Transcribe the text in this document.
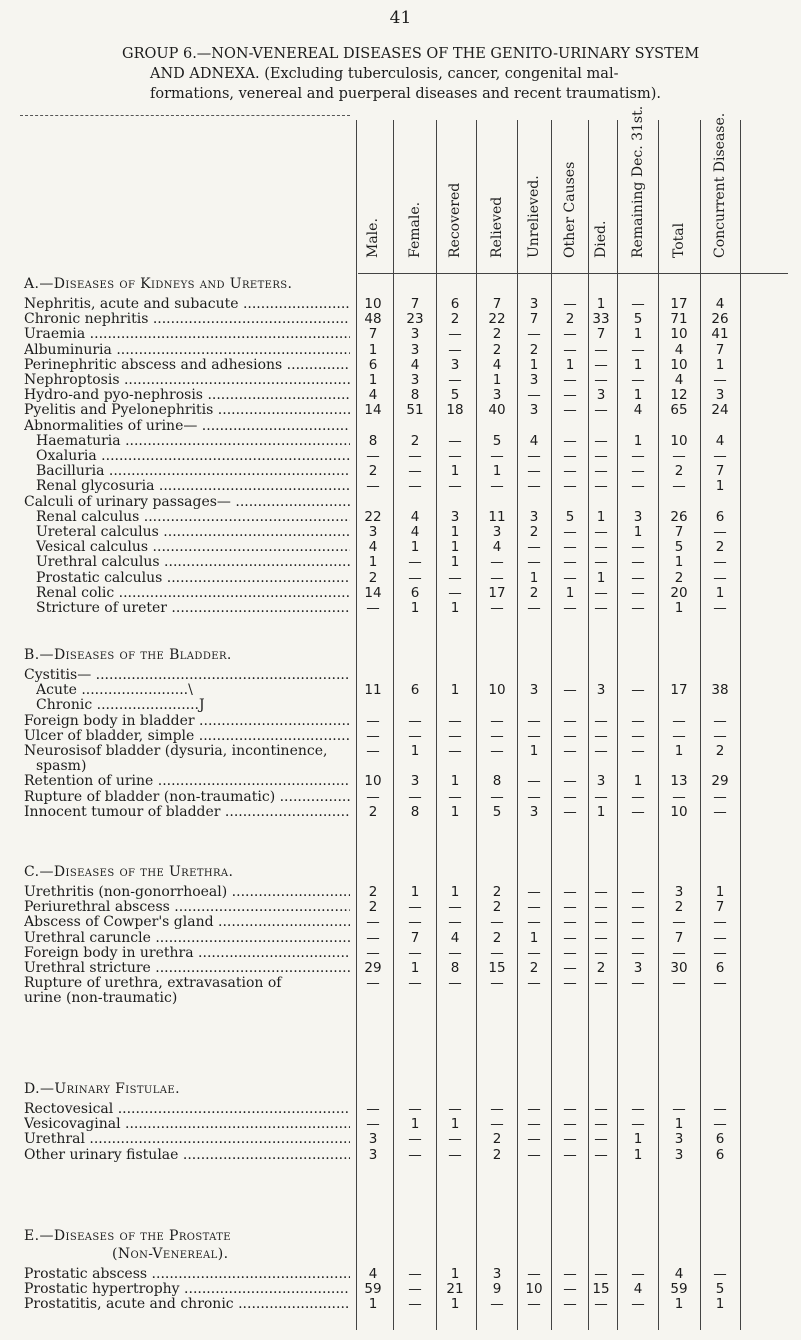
41
GROUP 6.—NON-VENEREAL DISEASES OF THE GENITO-URINARY SYSTEM
AND ADNEXA. (Excluding tuberculosis, cancer, congenital mal-
formations, venereal and puerperal diseases and recent traumatism).
Male. Female. Recovered Relieved Unrelieved. Other Causes Died. Remaining Dec. 31st. Total Concurrent Disease.
A.—Diseases of Kidneys and Ureters.
Nephritis, acute and subacute .....	10	7	6	7	3	—	1	—	17	4
Chronic nephritis .....	48	23	2	22	7	2	33	5	71	26
Uraemia .....	7	3	—	2	—	—	7	1	10	41
Albuminuria .....	1	3	—	2	2	—	—	—	4	7
Perinephritic abscess and adhesions .....	6	4	3	4	1	1	—	1	10	1
Nephroptosis .....	1	3	—	1	3	—	—	—	4	—
Hydro-and pyo-nephrosis .....	4	8	5	3	—	—	3	1	12	3
Pyelitis and Pyelonephritis .....	14	51	18	40	3	—	—	4	65	24
Abnormalities of urine— .....
Haematuria .....	8	2	—	5	4	—	—	1	10	4
Oxaluria .....	—	—	—	—	—	—	—	—	—	—
Bacilluria .....	2	—	1	1	—	—	—	—	2	7
Renal glycosuria .....	—	—	—	—	—	—	—	—	—	1
Calculi of urinary passages— .....
Renal calculus .....	22	4	3	11	3	5	1	3	26	6
Ureteral calculus .....	3	4	1	3	2	—	—	1	7	—
Vesical calculus .....	4	1	1	4	—	—	—	—	5	2
Urethral calculus .....	1	—	1	—	—	—	—	—	1	—
Prostatic calculus .....	2	—	—	—	1	—	1	—	2	—
Renal colic .....	14	6	—	17	2	1	—	—	20	1
Stricture of ureter .....	—	1	1	—	—	—	—	—	1	—
B.—Diseases of the Bladder.
Cystitis— .....
Acute ........................\	11	6	1	10	3	—	3	—	17	38
Chronic .......................J
Foreign body in bladder .....	—	—	—	—	—	—	—	—	—	—
Ulcer of bladder, simple .....	—	—	—	—	—	—	—	—	—	—
Neurosisof bladder (dysuria, incontinence,	—	1	—	—	1	—	—	—	1	2
spasm)
Retention of urine .....	10	3	1	8	—	—	3	1	13	29
Rupture of bladder (non-traumatic) .....	—	—	—	—	—	—	—	—	—	—
Innocent tumour of bladder .....	2	8	1	5	3	—	1	—	10	—
C.—Diseases of the Urethra.
Urethritis (non-gonorrhoeal) .....	2	1	1	2	—	—	—	—	3	1
Periurethral abscess .....	2	—	—	2	—	—	—	—	2	7
Abscess of Cowper's gland .....	—	—	—	—	—	—	—	—	—	—
Urethral caruncle .....	—	7	4	2	1	—	—	—	7	—
Foreign body in urethra .....	—	—	—	—	—	—	—	—	—	—
Urethral stricture .....	29	1	8	15	2	—	2	3	30	6
Rupture of urethra, extravasation of	—	—	—	—	—	—	—	—	—	—
urine (non-traumatic)
D.—Urinary Fistulae.
Rectovesical .....	—	—	—	—	—	—	—	—	—	—
Vesicovaginal .....	—	1	1	—	—	—	—	—	1	—
Urethral .....	3	—	—	2	—	—	—	1	3	6
Other urinary fistulae .....	3	—	—	2	—	—	—	1	3	6
E.—Diseases of the Prostate
(Non-Venereal).
Prostatic abscess .....	4	—	1	3	—	—	—	—	4	—
Prostatic hypertrophy .....	59	—	21	9	10	—	15	4	59	5
Prostatitis, acute and chronic .....	1	—	1	—	—	—	—	—	1	1
